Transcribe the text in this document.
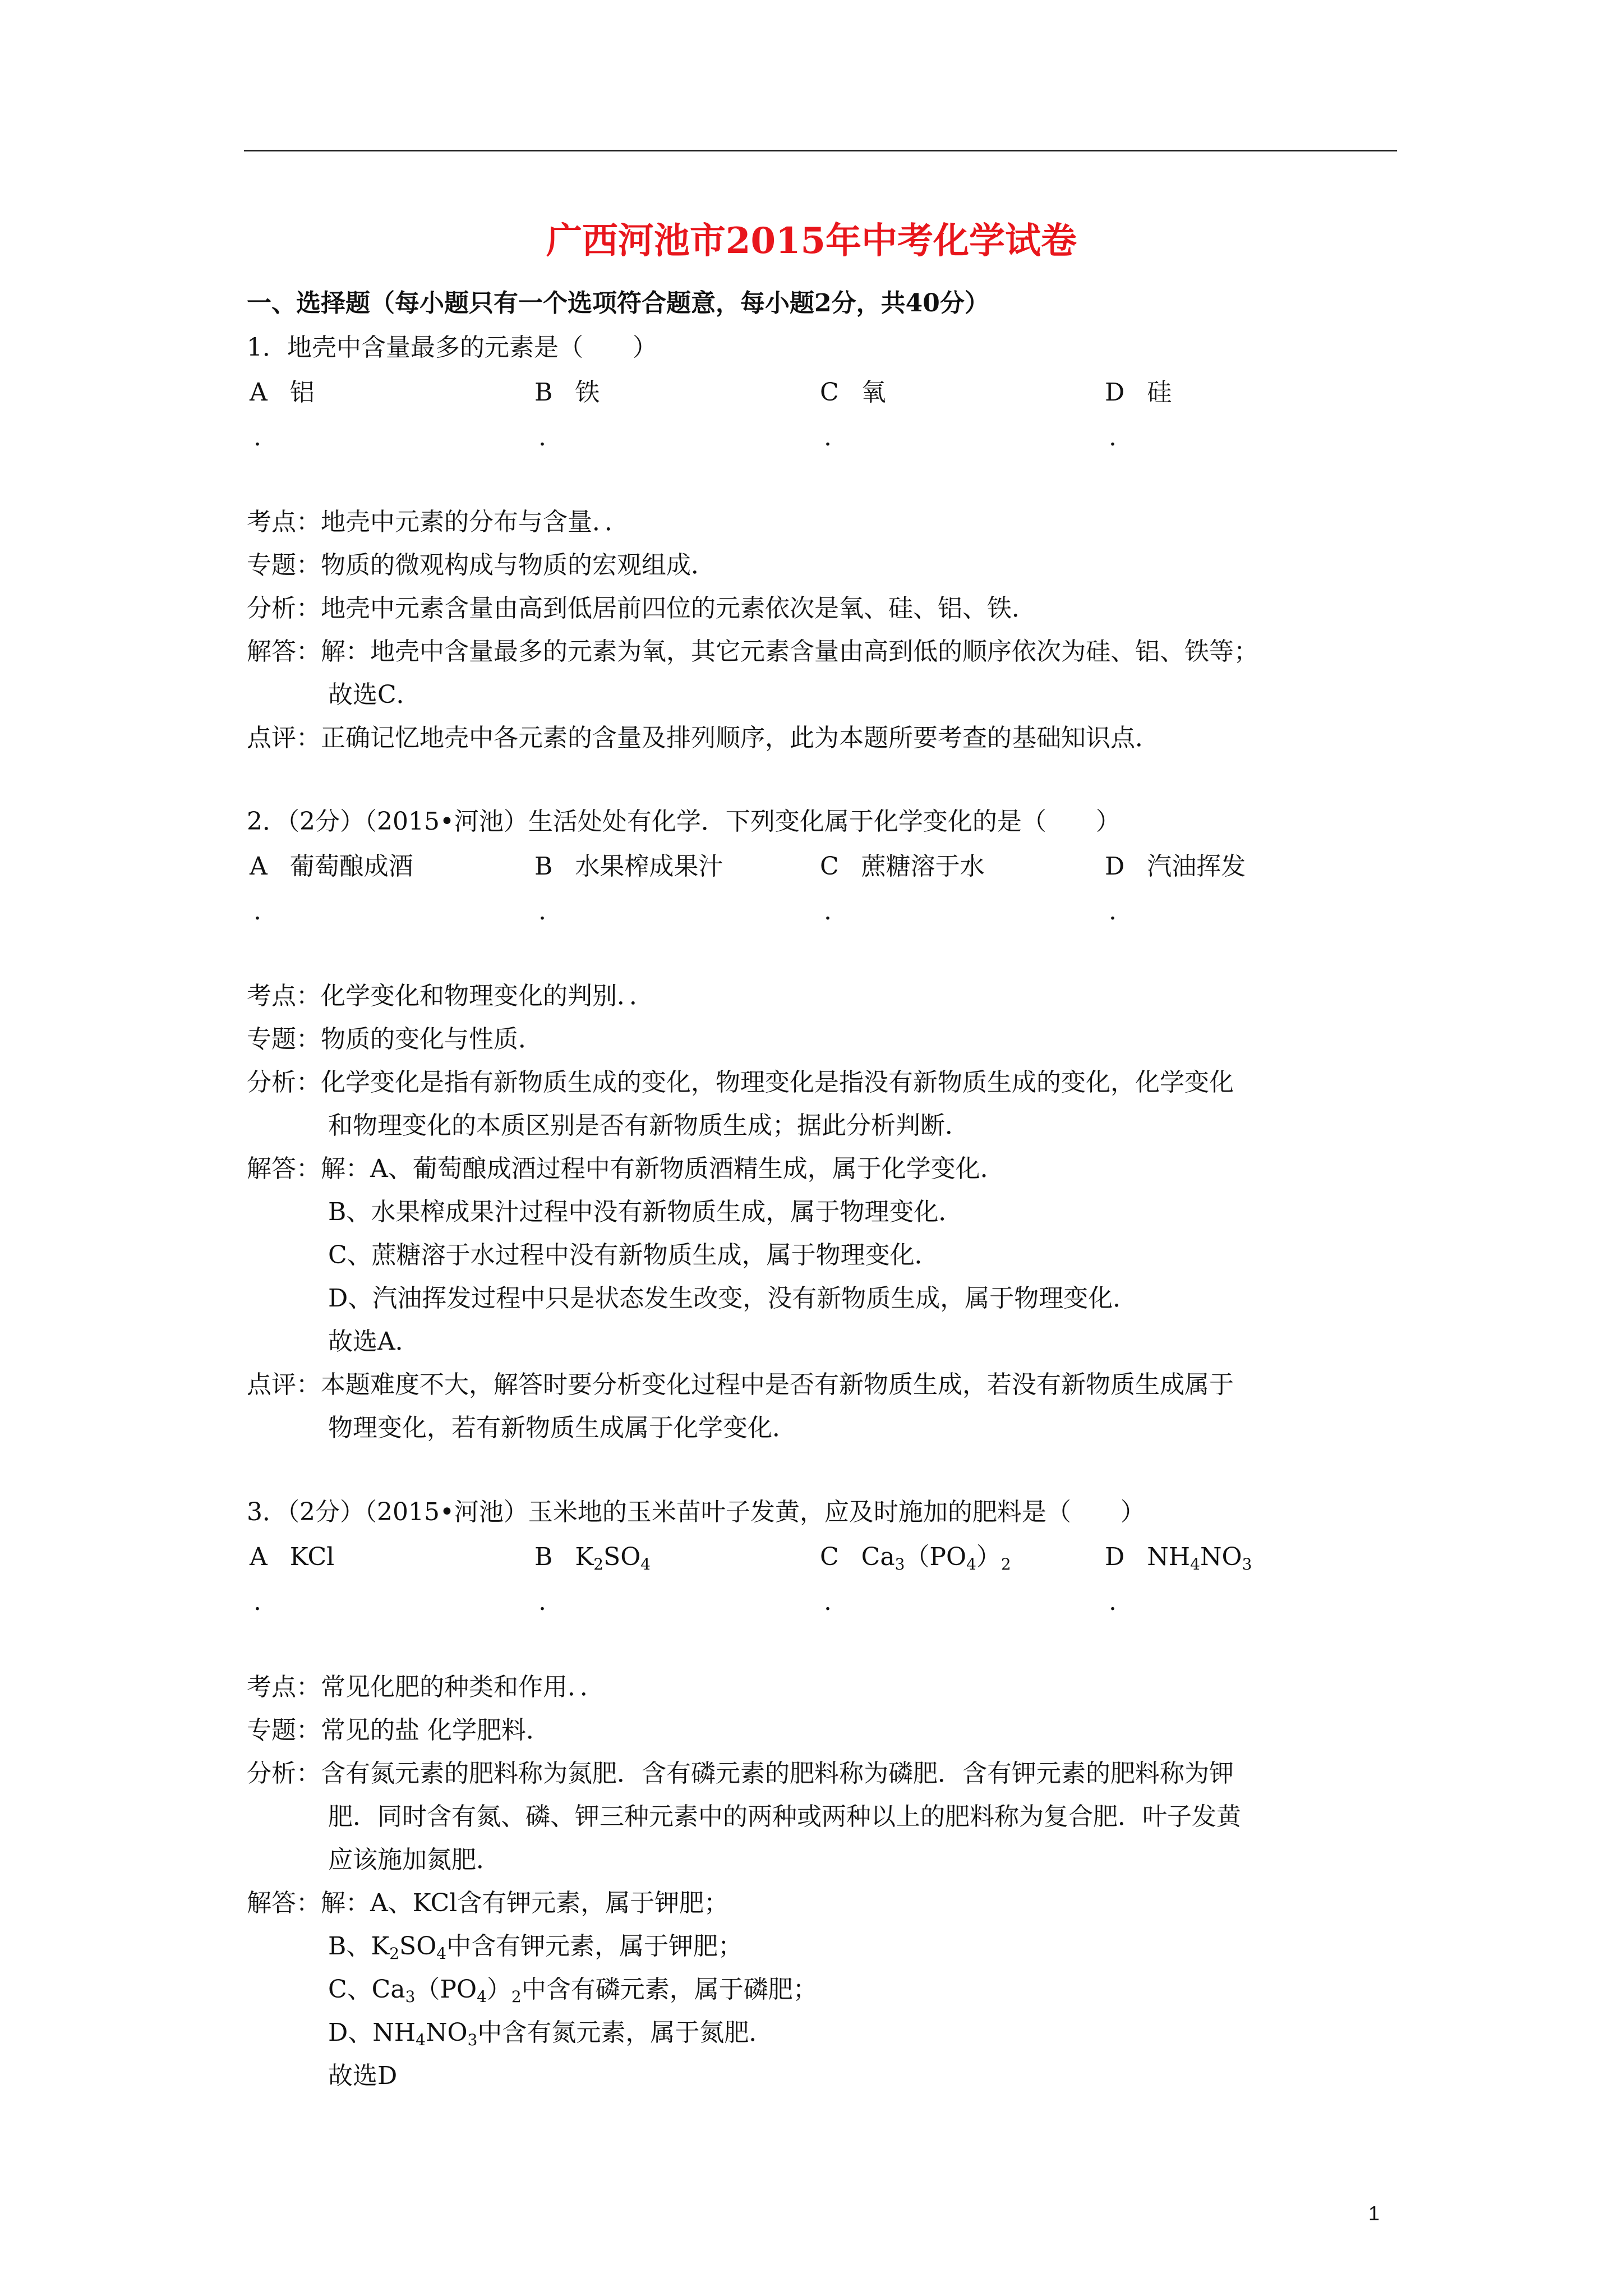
广西河池市2015年中考化学试卷
一、选择题（每小题只有一个选项符合题意，每小题2分，共40分）
1．地壳中含量最多的元素是（　　）
A 铝	B 铁	C 氧	D 硅
.	.	.	.
考点：地壳中元素的分布与含量．．
专题：物质的微观构成与物质的宏观组成．
分析：地壳中元素含量由高到低居前四位的元素依次是氧、硅、铝、铁．
解答：解：地壳中含量最多的元素为氧，其它元素含量由高到低的顺序依次为硅、铝、铁等；
故选C．
点评：正确记忆地壳中各元素的含量及排列顺序，此为本题所要考查的基础知识点．
2．（2分）（2015•河池）生活处处有化学．下列变化属于化学变化的是（　　）
A 葡萄酿成酒	B 水果榨成果汁	C 蔗糖溶于水	D 汽油挥发
.	.	.	.
考点：化学变化和物理变化的判别．．
专题：物质的变化与性质．
分析：化学变化是指有新物质生成的变化，物理变化是指没有新物质生成的变化，化学变化
和物理变化的本质区别是否有新物质生成；据此分析判断．
解答：解：A、葡萄酿成酒过程中有新物质酒精生成，属于化学变化．
B、水果榨成果汁过程中没有新物质生成，属于物理变化．
C、蔗糖溶于水过程中没有新物质生成，属于物理变化．
D、汽油挥发过程中只是状态发生改变，没有新物质生成，属于物理变化．
故选A．
点评：本题难度不大，解答时要分析变化过程中是否有新物质生成，若没有新物质生成属于
物理变化，若有新物质生成属于化学变化．
3．（2分）（2015•河池）玉米地的玉米苗叶子发黄，应及时施加的肥料是（　　）
A KCl	B $K_2SO_4$	C $Ca_3(PO_4)_2$	D $NH_4NO_3$
.	.	.	.
考点：常见化肥的种类和作用．．
专题：常见的盐 化学肥料．
分析：含有氮元素的肥料称为氮肥．含有磷元素的肥料称为磷肥．含有钾元素的肥料称为钾
肥．同时含有氮、磷、钾三种元素中的两种或两种以上的肥料称为复合肥．叶子发黄
应该施加氮肥．
解答：解：A、KCl含有钾元素，属于钾肥；
B、$K_2SO_4$中含有钾元素，属于钾肥；
C、$Ca_3(PO_4)_2$中含有磷元素，属于磷肥；
D、$NH_4NO_3$中含有氮元素，属于氮肥．
故选D
1
